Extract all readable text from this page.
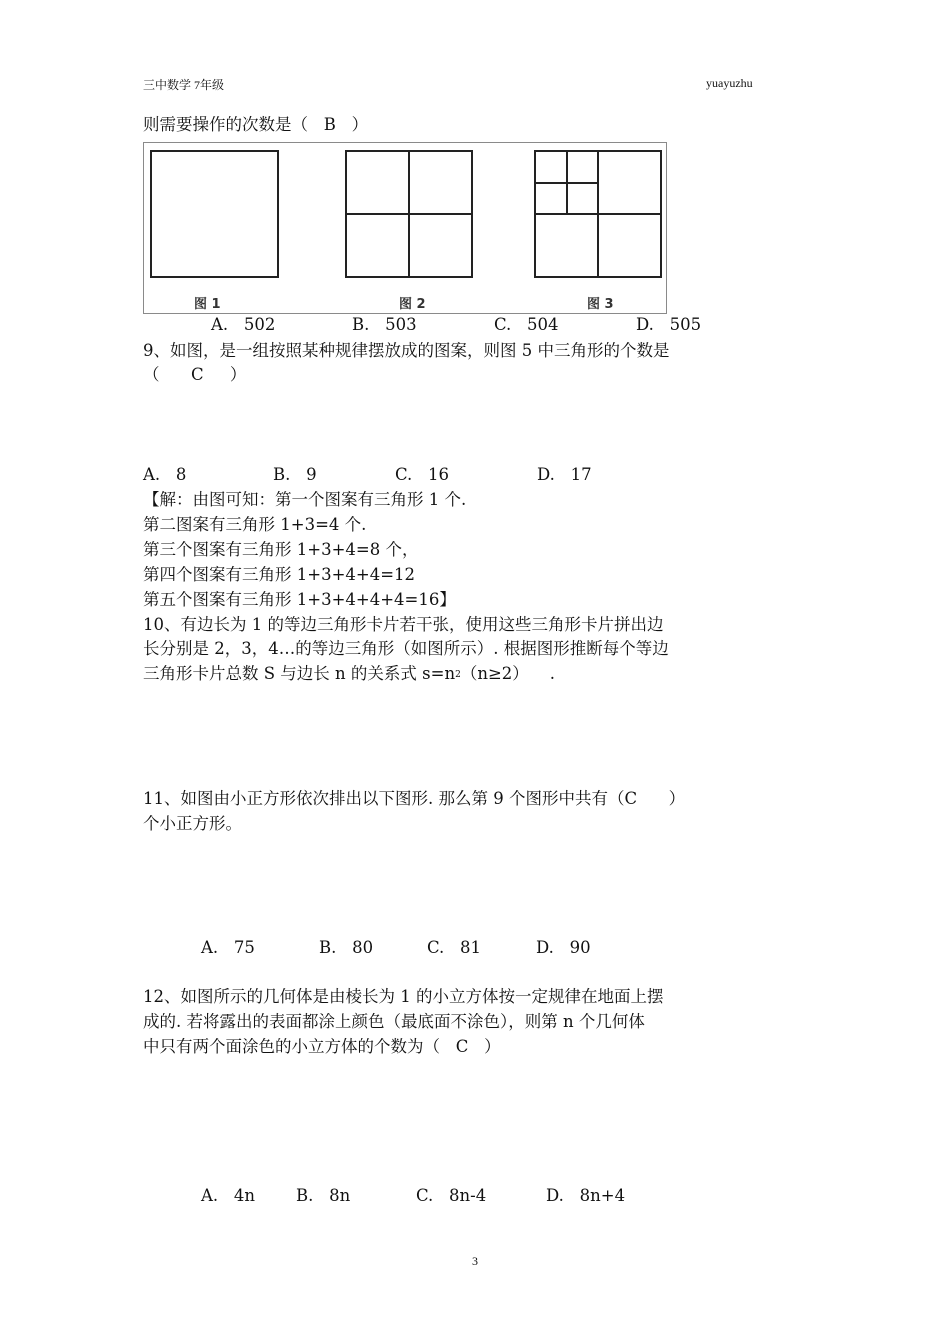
三中数学 7年级	yuayuzhu
则需要操作的次数是（   B   ）
图 1	图 2	图 3
A.   502	B.   503	C.   504	D.   505
9、如图，是一组按照某种规律摆放成的图案，则图 5 中三角形的个数是
（      C     ）
A.   8	B.   9	C.   16	D.   17
【解：由图可知：第一个图案有三角形 1 个.
第二图案有三角形 1+3=4 个.
第三个图案有三角形 1+3+4=8 个，
第四个图案有三角形 1+3+4+4=12
第五个图案有三角形 1+3+4+4+4=16】
10、有边长为 1 的等边三角形卡片若干张，使用这些三角形卡片拼出边
长分别是 2，3，4…的等边三角形（如图所示）. 根据图形推断每个等边
三角形卡片总数 S 与边长 n 的关系式 $s=n^2(n\ge 2)$    .
11、如图由小正方形依次排出以下图形. 那么第 9 个图形中共有（C      ）
个小正方形。
A.   75	B.   80	C.   81	D.   90
12、如图所示的几何体是由棱长为 1 的小立方体按一定规律在地面上摆
成的. 若将露出的表面都涂上颜色（最底面不涂色），则第 n 个几何体
中只有两个面涂色的小立方体的个数为（   C   ）
A.   4n B.   8n	C.   8n-4	D.   8n+4
3
